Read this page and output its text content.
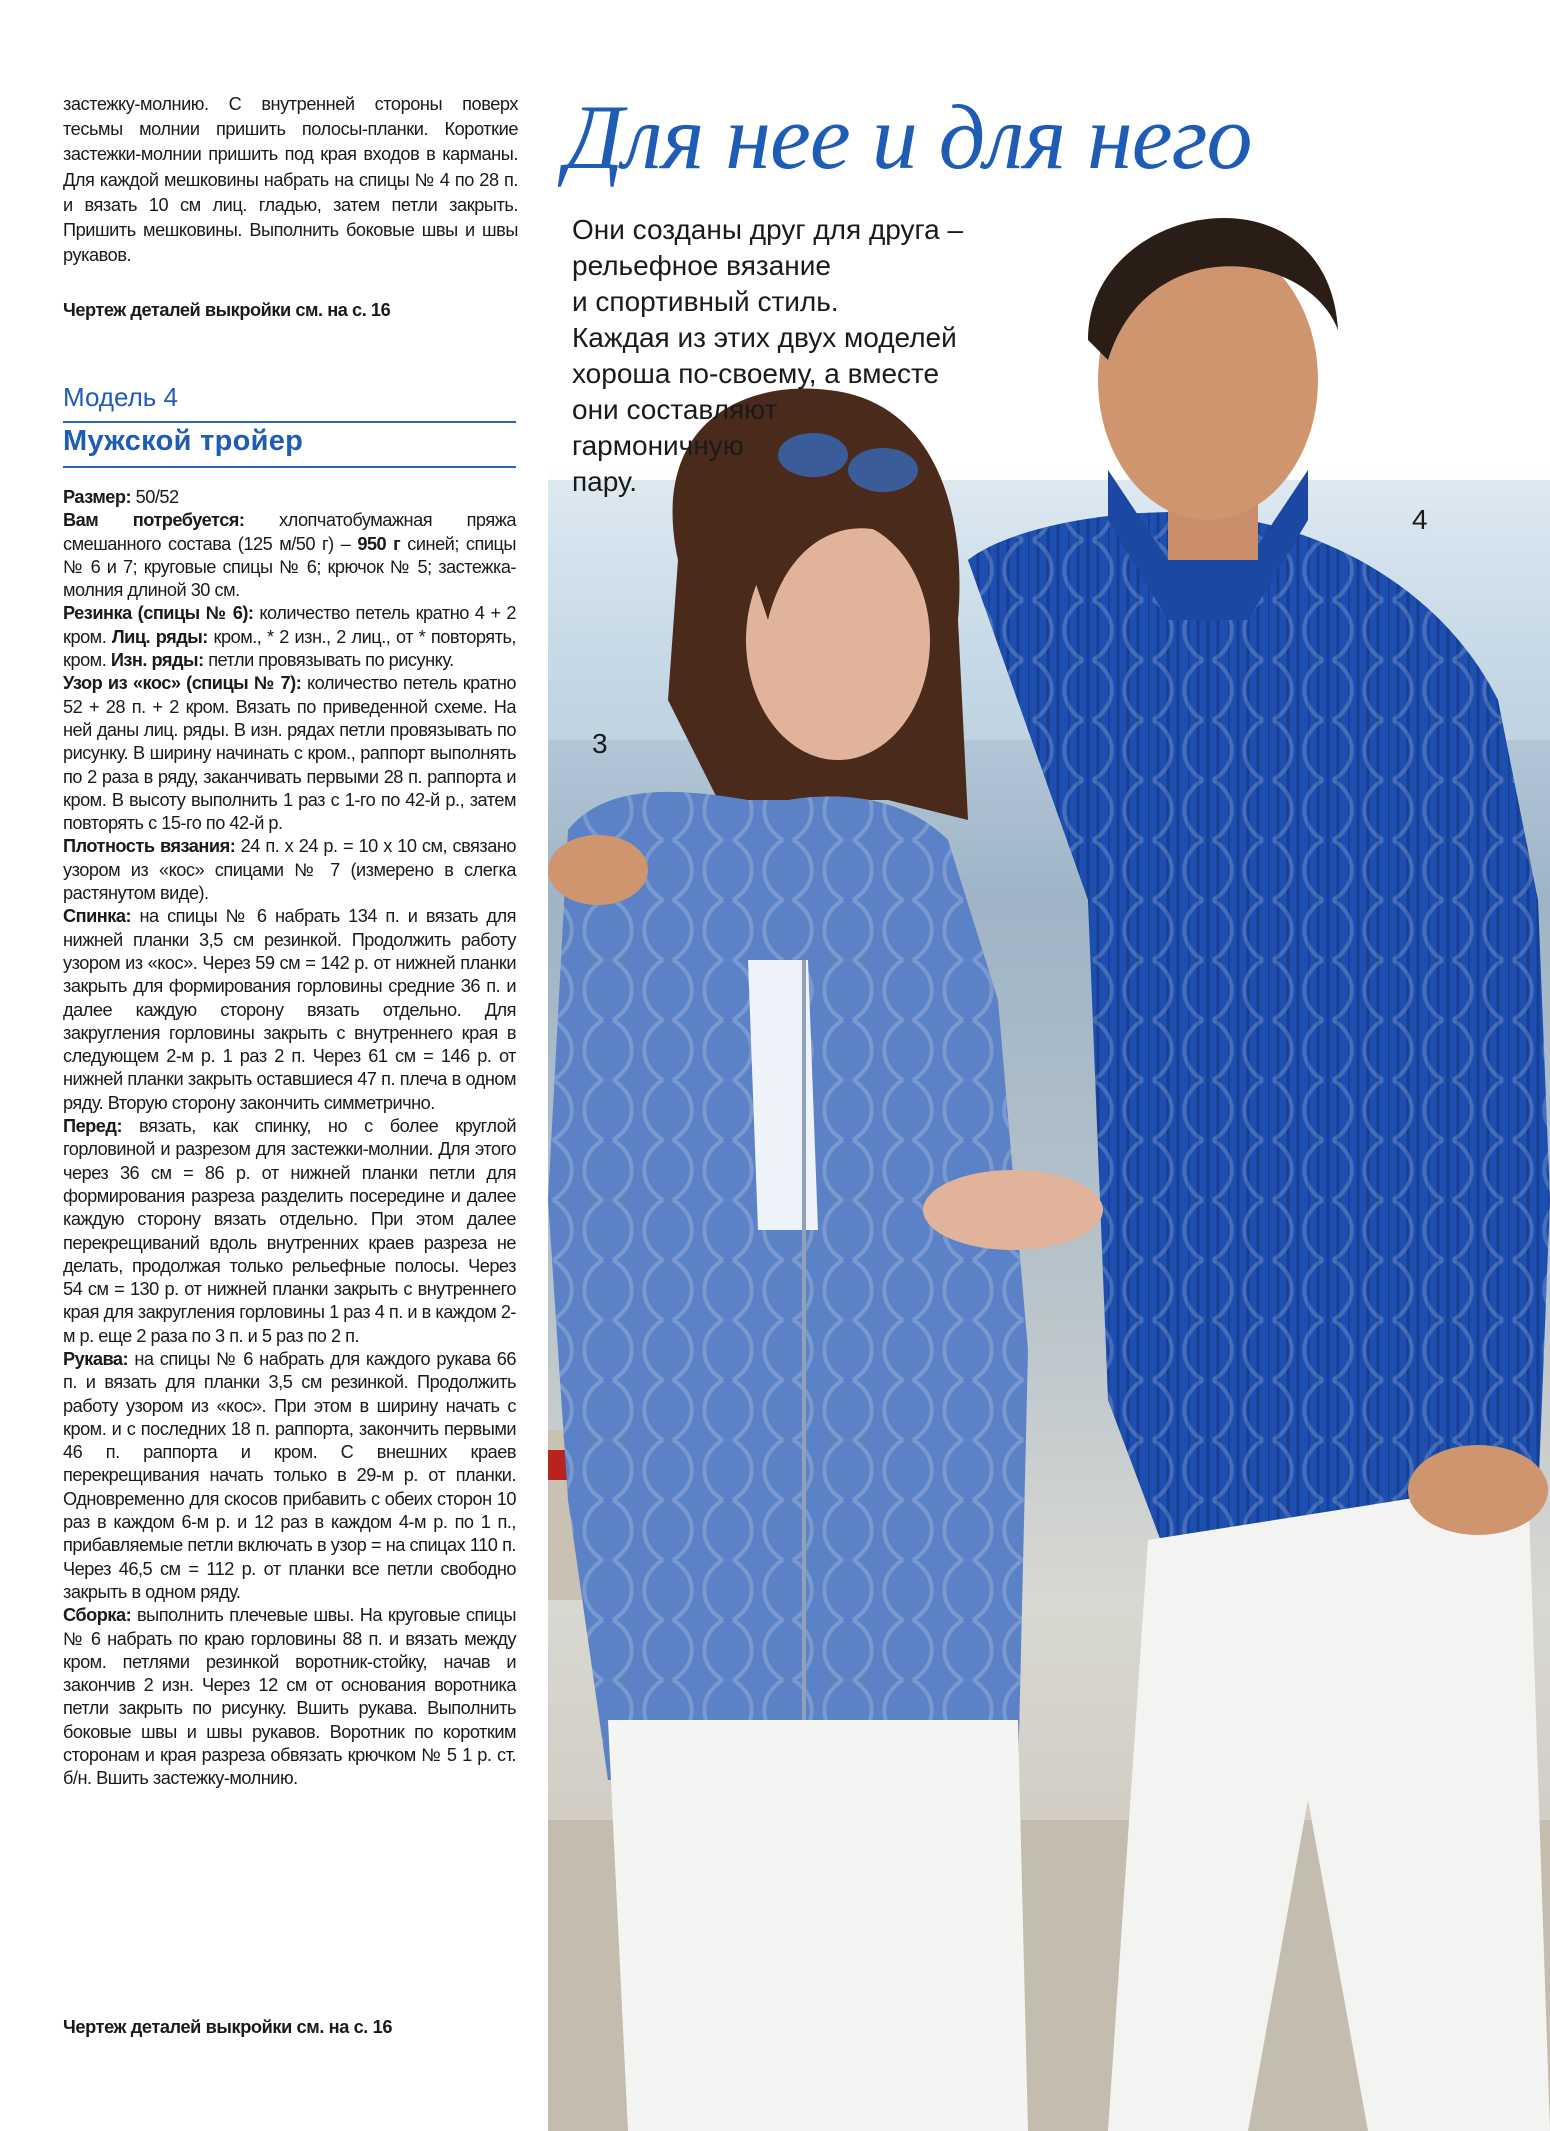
застежку-молнию. С внутренней стороны поверх тесьмы молнии пришить полосы-планки. Короткие застежки-молнии пришить под края входов в карманы. Для каждой мешковины набрать на спицы № 4 по 28 п. и вязать 10 см лиц. гладью, затем петли закрыть. Пришить мешковины. Выполнить боковые швы и швы рукавов.

Чертеж деталей выкройки см. на с. 16

Модель 4
Мужской тройер

Размер: 50/52

Вам потребуется: хлопчатобумажная пряжа смешанного состава (125 м/50 г) – 950 г синей; спицы № 6 и 7; круговые спицы № 6; крючок № 5; застежка-молния длиной 30 см.

Резинка (спицы № 6): количество петель кратно 4 + 2 кром. Лиц. ряды: кром., * 2 изн., 2 лиц., от * повторять, кром. Изн. ряды: петли провязывать по рисунку.

Узор из «кос» (спицы № 7): количество петель кратно 52 + 28 п. + 2 кром. Вязать по приведенной схеме. На ней даны лиц. ряды. В изн. рядах петли провязывать по рисунку. В ширину начинать с кром., раппорт выполнять по 2 раза в ряду, заканчивать первыми 28 п. раппорта и кром. В высоту выполнить 1 раз с 1-го по 42-й р., затем повторять с 15-го по 42-й р.

Плотность вязания: 24 п. х 24 р. = 10 х 10 см, связано узором из «кос» спицами № 7 (измерено в слегка растянутом виде).

Спинка: на спицы № 6 набрать 134 п. и вязать для нижней планки 3,5 см резинкой. Продолжить работу узором из «кос». Через 59 см = 142 р. от нижней планки закрыть для формирования горловины средние 36 п. и далее каждую сторону вязать отдельно. Для закругления горловины закрыть с внутреннего края в следующем 2-м р. 1 раз 2 п. Через 61 см = 146 р. от нижней планки закрыть оставшиеся 47 п. плеча в одном ряду. Вторую сторону закончить симметрично.

Перед: вязать, как спинку, но с более круглой горловиной и разрезом для застежки-молнии. Для этого через 36 см = 86 р. от нижней планки петли для формирования разреза разделить посередине и далее каждую сторону вязать отдельно. При этом далее перекрещиваний вдоль внутренних краев разреза не делать, продолжая только рельефные полосы. Через 54 см = 130 р. от нижней планки закрыть с внутреннего края для закругления горловины 1 раз 4 п. и в каждом 2-м р. еще 2 раза по 3 п. и 5 раз по 2 п.

Рукава: на спицы № 6 набрать для каждого рукава 66 п. и вязать для планки 3,5 см резинкой. Продолжить работу узором из «кос». При этом в ширину начать с кром. и с последних 18 п. раппорта, закончить первыми 46 п. раппорта и кром. С внешних краев перекрещивания начать только в 29-м р. от планки. Одновременно для скосов прибавить с обеих сторон 10 раз в каждом 6-м р. и 12 раз в каждом 4-м р. по 1 п., прибавляемые петли включать в узор = на спицах 110 п. Через 46,5 см = 112 р. от планки все петли свободно закрыть в одном ряду.

Сборка: выполнить плечевые швы. На круговые спицы № 6 набрать по краю горловины 88 п. и вязать между кром. петлями резинкой воротник-стойку, начав и закончив 2 изн. Через 12 см от основания воротника петли закрыть по рисунку. Вшить рукава. Выполнить боковые швы и швы рукавов. Воротник по коротким сторонам и края разреза обвязать крючком № 5 1 р. ст. б/н. Вшить застежку-молнию.

Чертеж деталей выкройки см. на с. 16
Для нее и для него
Они созданы друг для друга –
рельефное вязание
и спортивный стиль.
Каждая из этих двух моделей
хороша по-своему, а вместе
они составляют
гармоничную
пару.
3
4
